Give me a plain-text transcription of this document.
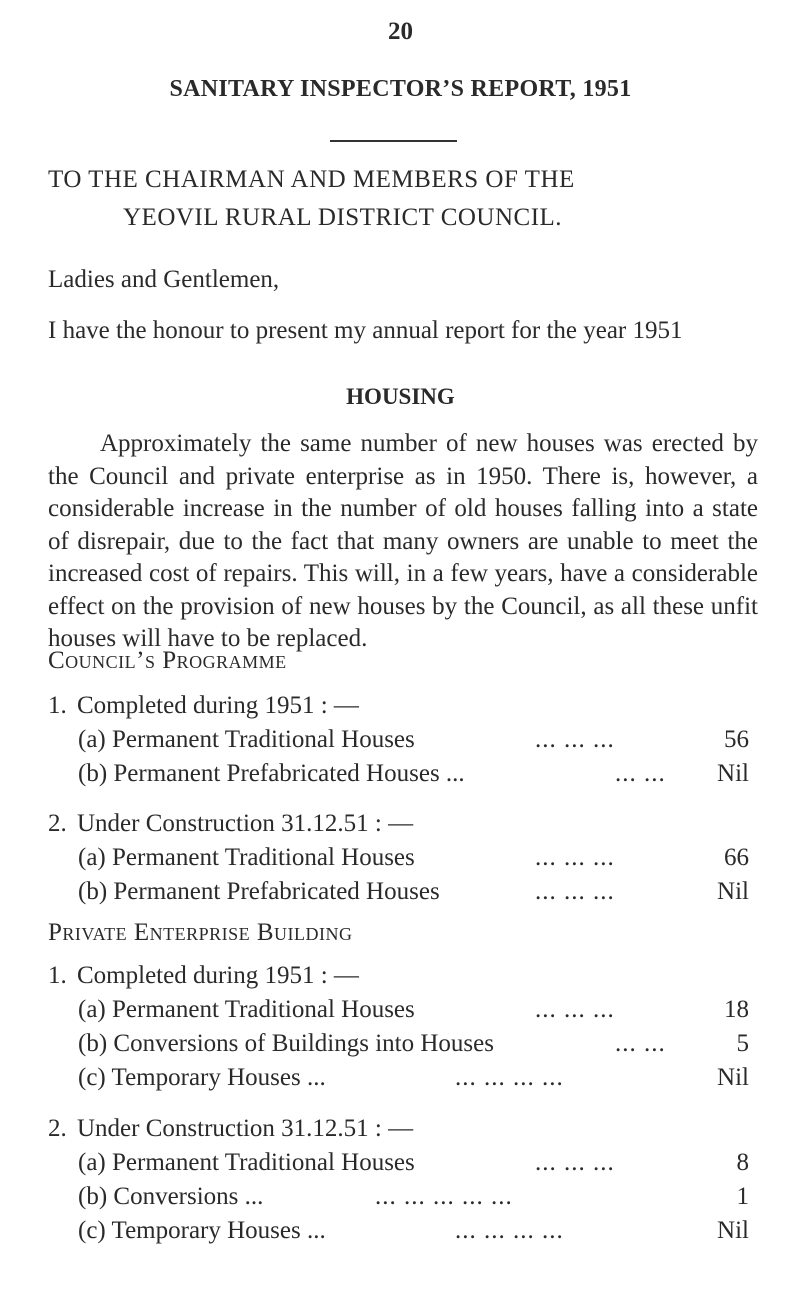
20
SANITARY INSPECTOR’S REPORT, 1951
TO THE CHAIRMAN AND MEMBERS OF THE
YEOVIL RURAL DISTRICT COUNCIL.
Ladies and Gentlemen,
I have the honour to present my annual report for the year 1951
HOUSING

Approximately the same number of new houses was erected by the Council and private enterprise as in 1950. There is, however, a considerable increase in the number of old houses falling into a state of disrepair, due to the fact that many owners are unable to meet the increased cost of repairs. This will, in a few years, have a considerable effect on the provision of new houses by the Council, as all these unfit houses will have to be replaced.

Council’s Programme
1. Completed during 1951 : —
(a) Permanent Traditional Houses	... ... ...	56
(b) Permanent Prefabricated Houses ...	... ... Nil
2. Under Construction 31.12.51 : —
(a) Permanent Traditional Houses	... ... ...	66
(b) Permanent Prefabricated Houses	... ... ...	Nil
Private Enterprise Building
1. Completed during 1951 : —
(a) Permanent Traditional Houses	... ... ...	18
(b) Conversions of Buildings into Houses	... ...	5
(c) Temporary Houses ...	... ... ... ...	Nil
2. Under Construction 31.12.51 : —
(a) Permanent Traditional Houses	... ... ...	8
(b) Conversions ...	... ... ... ... ...	1
(c) Temporary Houses ...	... ... ... ...	Nil
